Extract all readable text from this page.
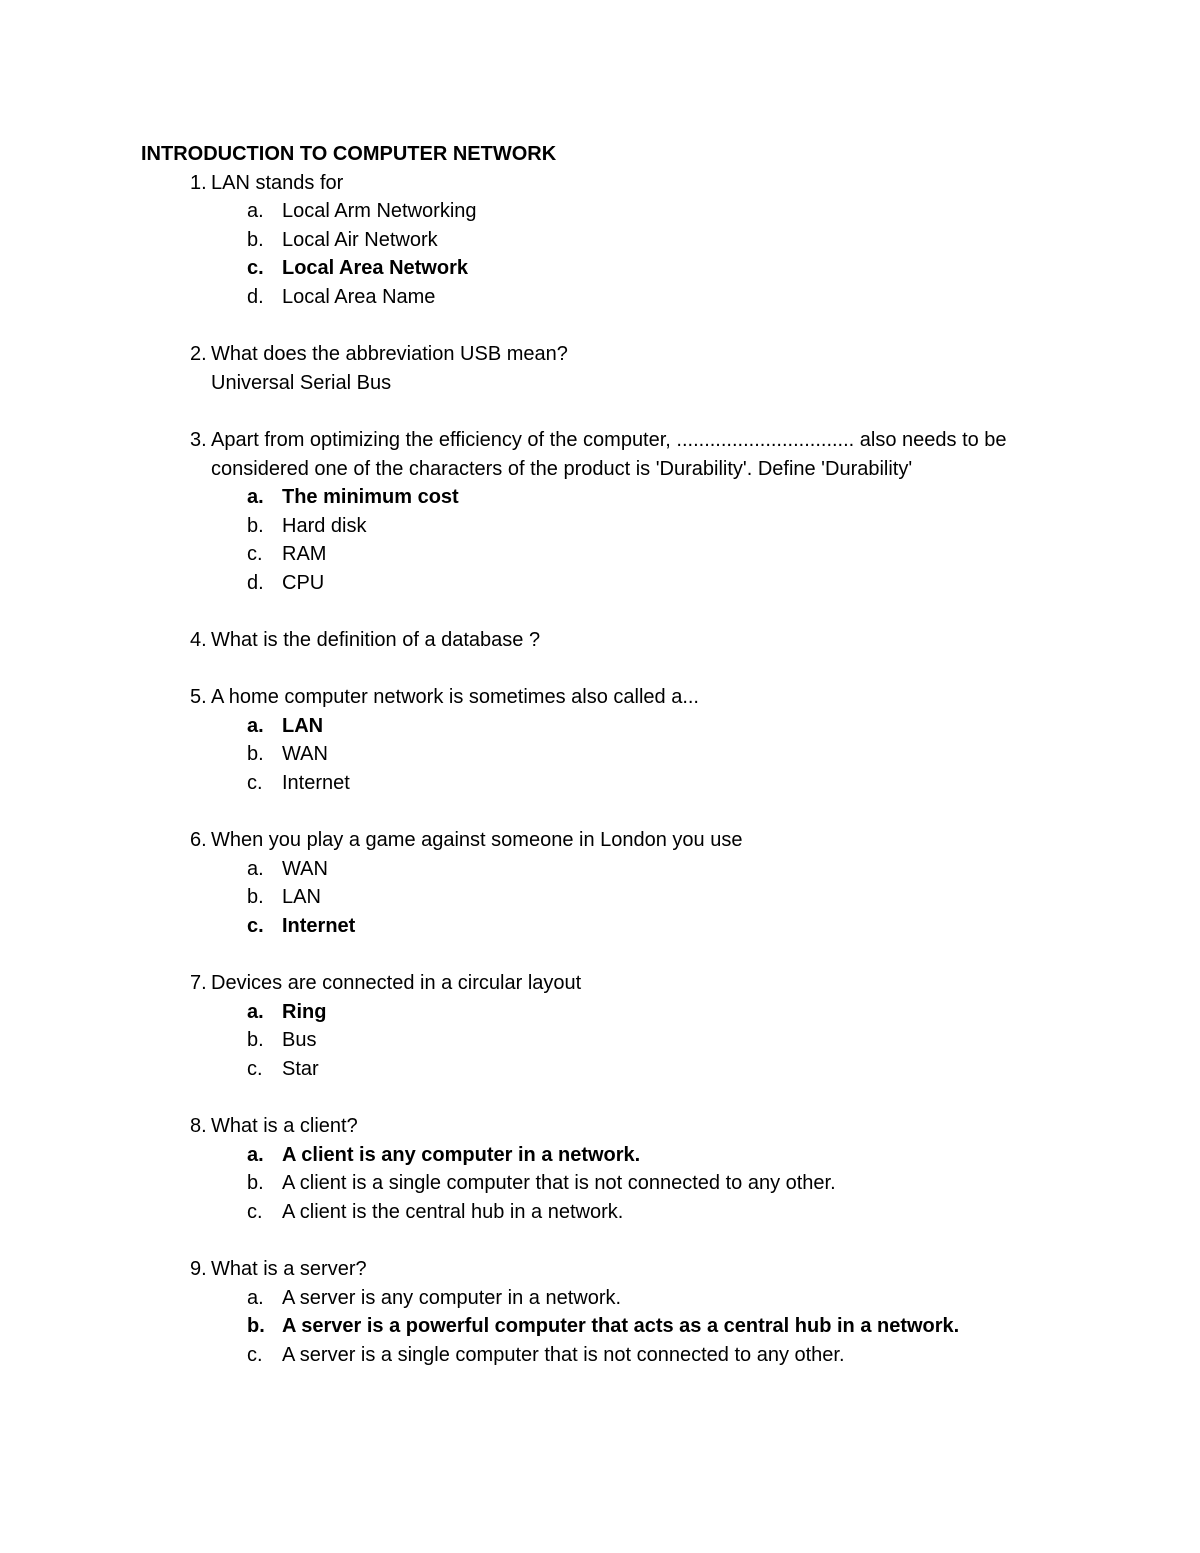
INTRODUCTION TO COMPUTER NETWORK

1. LAN stands for
a. Local Arm Networking
b. Local Air Network
c. Local Area Network
d. Local Area Name
2. What does the abbreviation USB mean?
Universal Serial Bus
3. Apart from optimizing the efficiency of the computer, ................................ also needs to be considered one of the characters of the product is 'Durability'. Define 'Durability'
a. The minimum cost
b. Hard disk
c. RAM
d. CPU
4. What is the definition of a database ?
5. A home computer network is sometimes also called a...
a. LAN
b. WAN
c. Internet
6. When you play a game against someone in London you use
a. WAN
b. LAN
c. Internet
7. Devices are connected in a circular layout
a. Ring
b. Bus
c. Star
8. What is a client?
a. A client is any computer in a network.
b. A client is a single computer that is not connected to any other.
c. A client is the central hub in a network.
9. What is a server?
a. A server is any computer in a network.
b. A server is a powerful computer that acts as a central hub in a network.
c. A server is a single computer that is not connected to any other.
